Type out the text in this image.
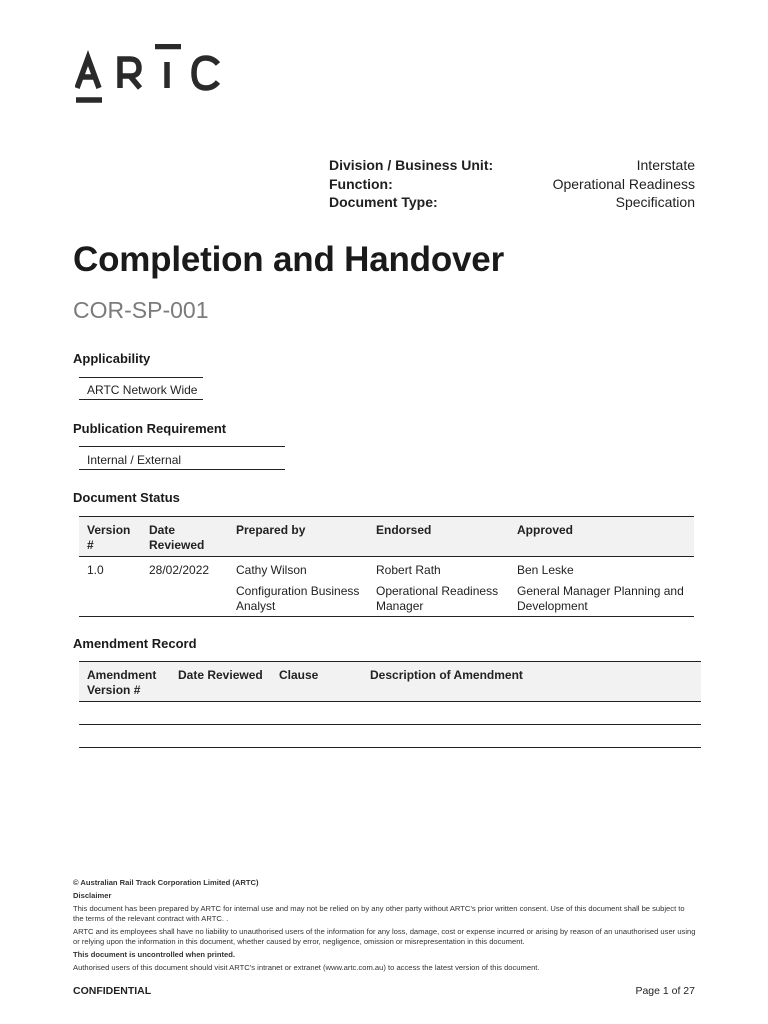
Division / Business Unit:	Interstate
Function:	Operational Readiness
Document Type:	Specification
Completion and Handover
COR-SP-001
Applicability
ARTC Network Wide
Publication Requirement
Internal / External
Document Status
Version #	Date Reviewed	Prepared by	Endorsed	Approved
1.0	28/02/2022	Cathy Wilson	Robert Rath	Ben Leske
		Configuration Business Analyst	Operational Readiness Manager	General Manager Planning and Development
Amendment Record
Amendment Version #	Date Reviewed	Clause	Description of Amendment

© Australian Rail Track Corporation Limited (ARTC)

Disclaimer

This document has been prepared by ARTC for internal use and may not be relied on by any other party without ARTC’s prior written consent. Use of this document shall be subject to the terms of the relevant contract with ARTC. .

ARTC and its employees shall have no liability to unauthorised users of the information for any loss, damage, cost or expense incurred or arising by reason of an unauthorised user using or relying upon the information in this document, whether caused by error, negligence, omission or misrepresentation in this document.

This document is uncontrolled when printed.

Authorised users of this document should visit ARTC’s intranet or extranet (www.artc.com.au) to access the latest version of this document.

CONFIDENTIAL	Page 1 of 27
